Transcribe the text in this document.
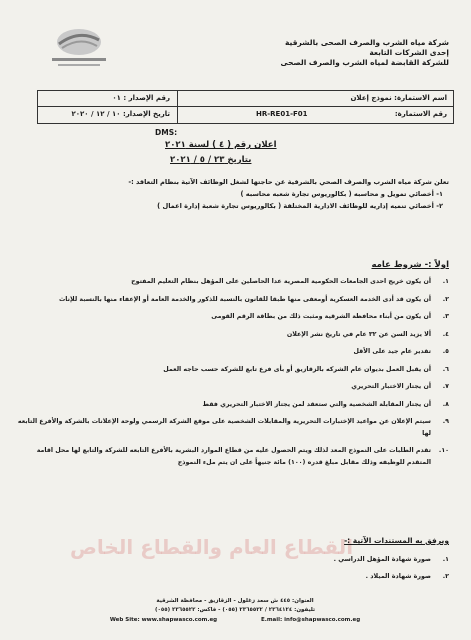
شركة مياه الشرب والصرف الصحى بالشرقية
إحدى الشركات التابعة
للشركة القابضة لمياه الشرب والصرف الصحى
اسم الاستمارة: نموذج إعلان
رقم الإصدار : ٠١
رقم الاستمارة:
HR-RE01-F01
تاريخ الإصدار: ١٠ / ١٢ / ٢٠٢٠
DMS:
اعلان رقم ( ٤ ) لسنة ٢٠٢١
بتاريخ ٢٣ / ٥ / ٢٠٢١
تعلن شركة مياه الشرب والصرف الصحي بالشرقية عن حاجتها لشغل الوظائف الآتية بنظام التعاقد :-
١- أخصائي تمويل و محاسبه ( بكالوريوس تجارة شعبه محاسبه )
٢- أخصائي تنميه إداريه للوظائف الادارية المختلفة ( بكالوريوس تجارة شعبة إدارة اعمال )
اولاً :- شروط عامه
١.
أن يكون خريج احدى الجامعات الحكومية المصرية عدا الحاصلين على المؤهل بنظام التعليم المفتوح
٢.
أن يكون قد أدى الخدمة العسكرية أومعفى منها طبقا للقانون بالنسبة للذكور والخدمة العامة أو الإعفاء منها بالنسبة للإناث
٣.
أن يكون من أبناء محافظة الشرقية ومثبت ذلك من بطاقة الرقم القومى
٤.
ألا يزيد السن عن ٣٢ عام في تاريخ نشر الإعلان
٥.
تقدير عام جيد على الأقل
٦.
أن يقبل العمل بديوان عام الشركه بالزقازيق أو بأى فرع تابع للشركة حسب حاجه العمل
٧.
أن يجتاز الاختبار التحريري
٨.
أن يجتاز المقابلة الشخصية والتي ستعقد لمن يجتاز الاختبار التحريري فقط
٩.
سيتم الإعلان عن مواعيد الإختبارات التحريرية والمقابلات الشخصية على موقع الشركة الرسمي ولوحة الإعلانات بالشركة والأفرع التابعه لها
١٠.
تقدم الطلبات على النموذج المعد لذلك ويتم الحصول عليه من قطاع الموارد البشرية بالأفرع التابعه للشركة والتابع لها محل اقامة المتقدم للوظيفه وذلك مقابل مبلغ قدره (١٠٠) مائة جنيهاً على ان يتم ملء النموذج
القطاع العام والقطاع الخاص
ويرفق به المستندات الآتية :-
١.
صورة شهادة المؤهل الدراسي .
٢.
صورة شهادة الميلاد .
العنوان: ٤٤٥ ش سعد زغلول - الزقازيق - محافظة الشرقية
تليفون: ٢٣٦٤١٢٤ / ٢٣٦٥٥٢٢ (٠٥٥) - فاكس: ٢٣٦٥٥٢٢ (٠٥٥)
Web Site: www.shapwasco.com.eg	E.mail: info@shapwasco.com.eg
